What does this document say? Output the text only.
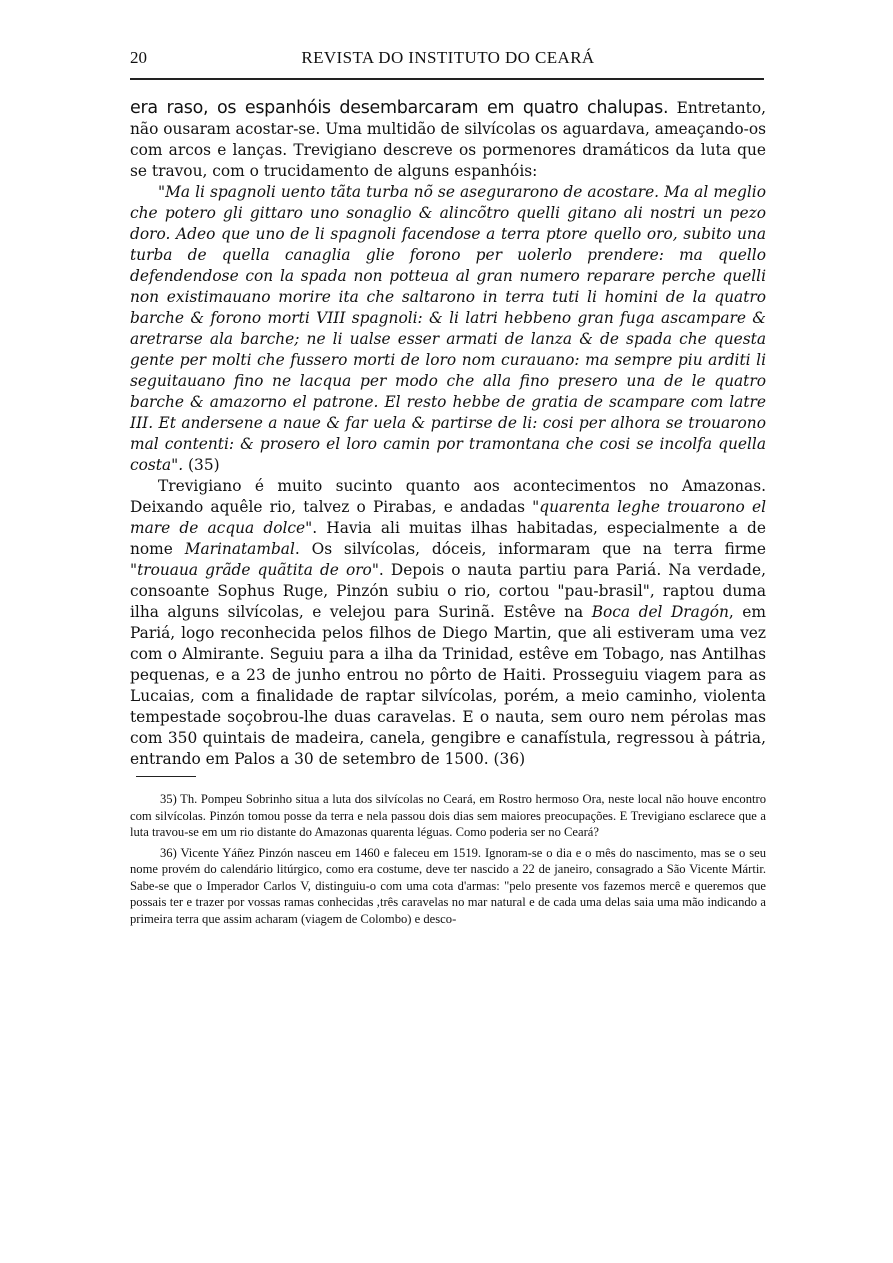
20	REVISTA DO INSTITUTO DO CEARÁ

era raso, os espanhóis desembarcaram em quatro chalupas. Entretanto, não ousaram acostar-se. Uma multidão de silvícolas os aguardava, ameaçando-os com arcos e lanças. Trevigiano descreve os pormenores dramáticos da luta que se travou, com o trucidamento de alguns espanhóis:

"Ma li spagnoli uento tãta turba nõ se asegurarono de acostare. Ma al meglio che potero gli gittaro uno sonaglio & alincõtro quelli gitano ali nostri un pezo doro. Adeo que uno de li spagnoli facendose a terra ptore quello oro, subito una turba de quella canaglia glie forono per uolerlo prendere: ma quello defendendose con la spada non potteua al gran numero reparare perche quelli non existimauano morire ita che saltarono in terra tuti li homini de la quatro barche & forono morti VIII spagnoli: & li latri hebbeno gran fuga ascampare & aretrarse ala barche; ne li ualse esser armati de lanza & de spada che questa gente per molti che fussero morti de loro nom curauano: ma sempre piu arditi li seguitauano fino ne lacqua per modo che alla fino presero una de le quatro barche & amazorno el patrone. El resto hebbe de gratia de scampare com latre III. Et andersene a naue & far uela & partirse de li: cosi per alhora se trouarono mal contenti: & prosero el loro camin por tramontana che cosi se incolfa quella costa". (35)

Trevigiano é muito sucinto quanto aos acontecimentos no Amazonas. Deixando aquêle rio, talvez o Pirabas, e andadas "quarenta leghe trouarono el mare de acqua dolce". Havia ali muitas ilhas habitadas, especialmente a de nome Marinatambal. Os silvícolas, dóceis, informaram que na terra firme "trouaua grãde quãtita de oro". Depois o nauta partiu para Pariá. Na verdade, consoante Sophus Ruge, Pinzón subiu o rio, cortou "pau-brasil", raptou duma ilha alguns silvícolas, e velejou para Surinã. Estêve na Boca del Dragón, em Pariá, logo reconhecida pelos filhos de Diego Martin, que ali estiveram uma vez com o Almirante. Seguiu para a ilha da Trinidad, estêve em Tobago, nas Antilhas pequenas, e a 23 de junho entrou no pôrto de Haiti. Prosseguiu viagem para as Lucaias, com a finalidade de raptar silvícolas, porém, a meio caminho, violenta tempestade soçobrou-lhe duas caravelas. E o nauta, sem ouro nem pérolas mas com 350 quintais de madeira, canela, gengibre e canafístula, regressou à pátria, entrando em Palos a 30 de setembro de 1500. (36)

35) Th. Pompeu Sobrinho situa a luta dos silvícolas no Ceará, em Rostro hermoso Ora, neste local não houve encontro com silvícolas. Pinzón tomou posse da terra e nela passou dois dias sem maiores preocupações. E Trevigiano esclarece que a luta travou-se em um rio distante do Amazonas quarenta léguas. Como poderia ser no Ceará?

36) Vicente Yáñez Pinzón nasceu em 1460 e faleceu em 1519. Ignoram-se o dia e o mês do nascimento, mas se o seu nome provém do calendário litúrgico, como era costume, deve ter nascido a 22 de janeiro, consagrado a São Vicente Mártir. Sabe-se que o Imperador Carlos V, distinguiu-o com uma cota d'armas: "pelo presente vos fazemos mercê e queremos que possais ter e trazer por vossas ramas conhecidas ,três caravelas no mar natural e de cada uma delas saia uma mão indicando a primeira terra que assim acharam (viagem de Colombo) e desco-
